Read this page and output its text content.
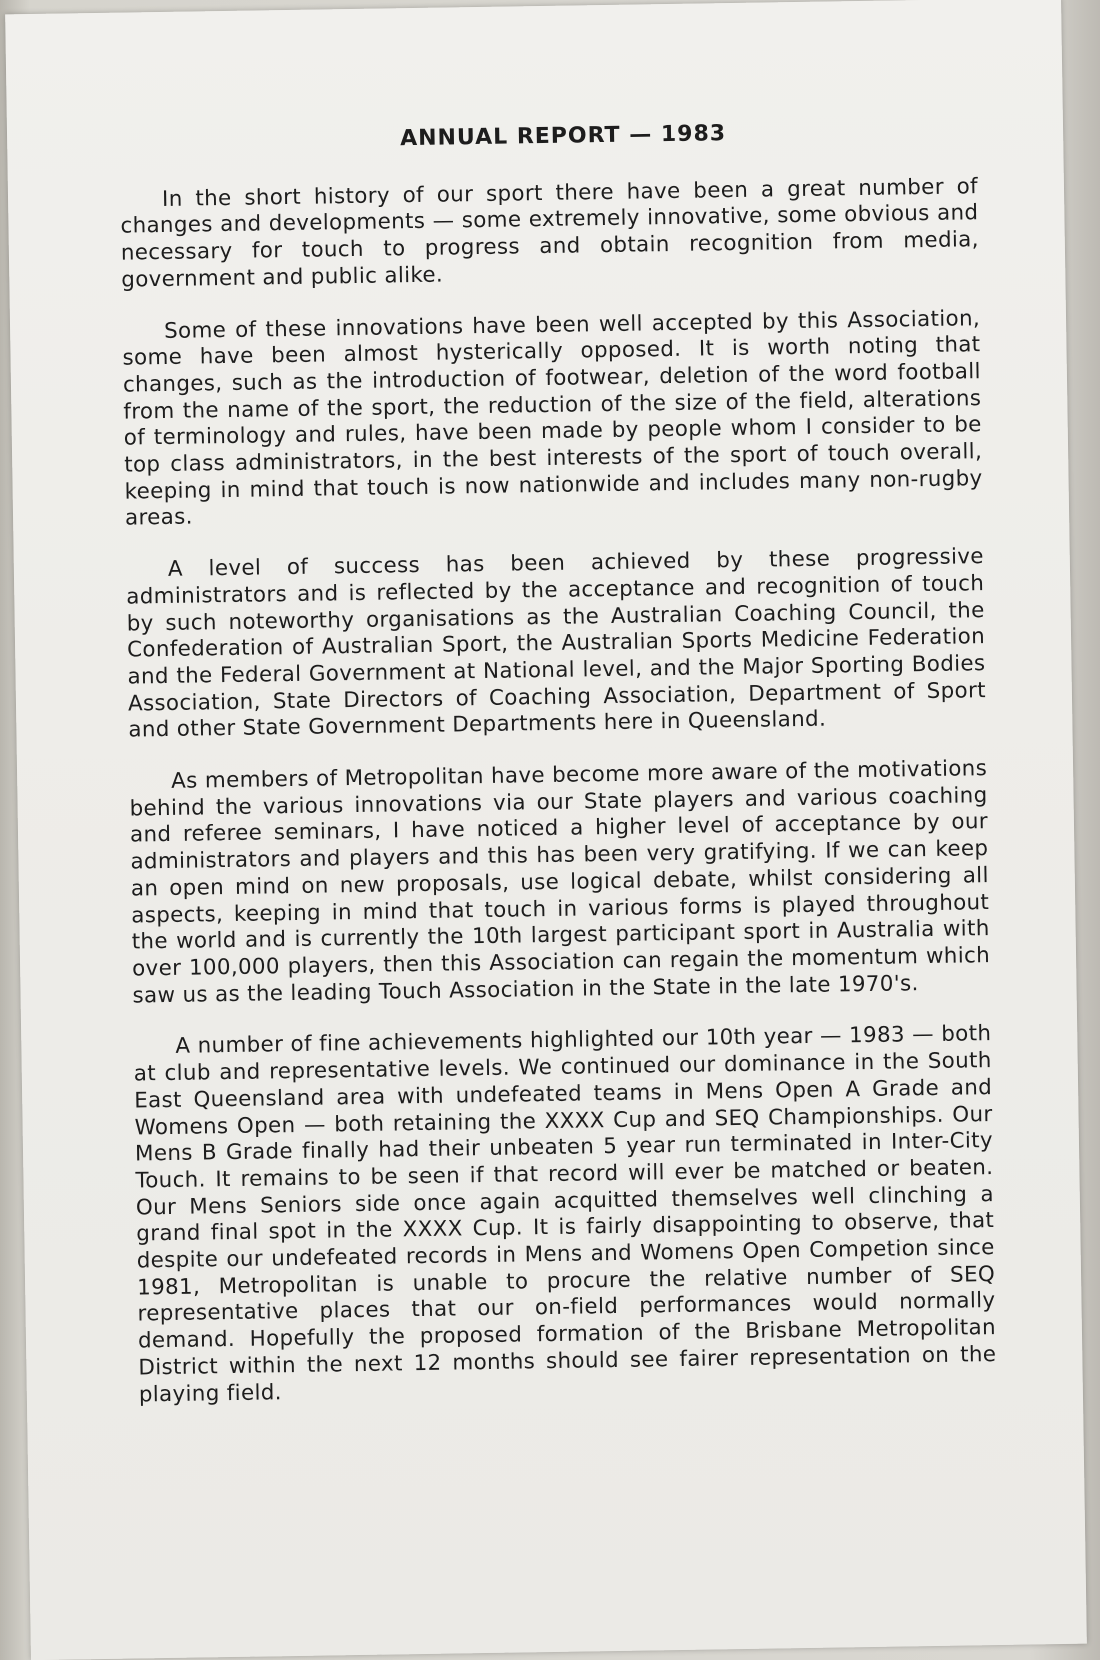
ANNUAL REPORT — 1983

In the short history of our sport there have been a great number of changes and developments — some extremely innovative, some obvious and necessary for touch to progress and obtain recognition from media, government and public alike.

Some of these innovations have been well accepted by this Association, some have been almost hysterically opposed. It is worth noting that changes, such as the introduction of footwear, deletion of the word football from the name of the sport, the reduction of the size of the field, alterations of terminology and rules, have been made by people whom I consider to be top class administrators, in the best interests of the sport of touch overall, keeping in mind that touch is now nationwide and includes many non-rugby areas.

A level of success has been achieved by these progressive administrators and is reflected by the acceptance and recognition of touch by such noteworthy organisations as the Australian Coaching Council, the Confederation of Australian Sport, the Australian Sports Medicine Federation and the Federal Government at National level, and the Major Sporting Bodies Association, State Directors of Coaching Association, Department of Sport and other State Government Departments here in Queensland.

As members of Metropolitan have become more aware of the motivations behind the various innovations via our State players and various coaching and referee seminars, I have noticed a higher level of acceptance by our administrators and players and this has been very gratifying. If we can keep an open mind on new proposals, use logical debate, whilst considering all aspects, keeping in mind that touch in various forms is played throughout the world and is currently the 10th largest participant sport in Australia with over 100,000 players, then this Association can regain the momentum which saw us as the leading Touch Association in the State in the late 1970's.

A number of fine achievements highlighted our 10th year — 1983 — both at club and representative levels. We continued our dominance in the South East Queensland area with undefeated teams in Mens Open A Grade and Womens Open — both retaining the XXXX Cup and SEQ Championships. Our Mens B Grade finally had their unbeaten 5 year run terminated in Inter-City Touch. It remains to be seen if that record will ever be matched or beaten. Our Mens Seniors side once again acquitted themselves well clinching a grand final spot in the XXXX Cup. It is fairly disappointing to observe, that despite our undefeated records in Mens and Womens Open Competion since 1981, Metropolitan is unable to procure the relative number of SEQ representative places that our on-field performances would normally demand. Hopefully the proposed formation of the Brisbane Metropolitan District within the next 12 months should see fairer representation on the playing field.
